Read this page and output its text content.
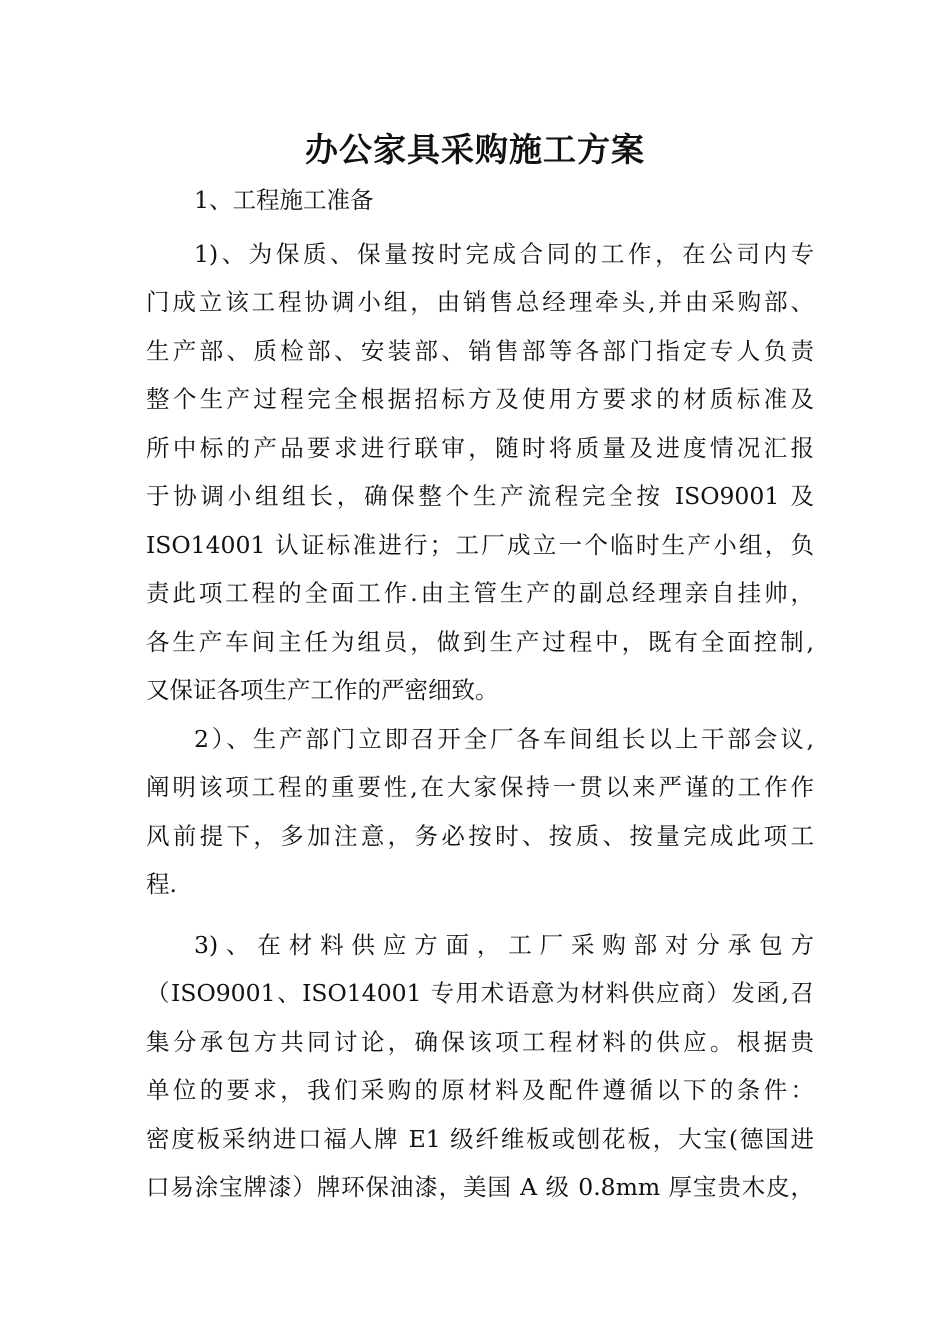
办公家具采购施工方案
1、工程施工准备
1)、为保质、保量按时完成合同的工作，在公司内专
门成立该工程协调小组，由销售总经理牵头,并由采购部、
生产部、质检部、安装部、销售部等各部门指定专人负责
整个生产过程完全根据招标方及使用方要求的材质标准及
所中标的产品要求进行联审，随时将质量及进度情况汇报
于协调小组组长，确保整个生产流程完全按 ISO9001 及
ISO14001 认证标准进行；工厂成立一个临时生产小组，负
责此项工程的全面工作.由主管生产的副总经理亲自挂帅，
各生产车间主任为组员，做到生产过程中，既有全面控制,
又保证各项生产工作的严密细致。
2）、生产部门立即召开全厂各车间组长以上干部会议,
阐明该项工程的重要性,在大家保持一贯以来严谨的工作作
风前提下，多加注意，务必按时、按质、按量完成此项工
程.
3)、在材料供应方面，工厂采购部对分承包方
（ISO9001、ISO14001 专用术语意为材料供应商）发函,召
集分承包方共同讨论，确保该项工程材料的供应。根据贵
单位的要求，我们采购的原材料及配件遵循以下的条件：
密度板采纳进口福人牌 E1 级纤维板或刨花板，大宝(德国进
口易涂宝牌漆）牌环保油漆，美国 A 级 0.8mm 厚宝贵木皮，
